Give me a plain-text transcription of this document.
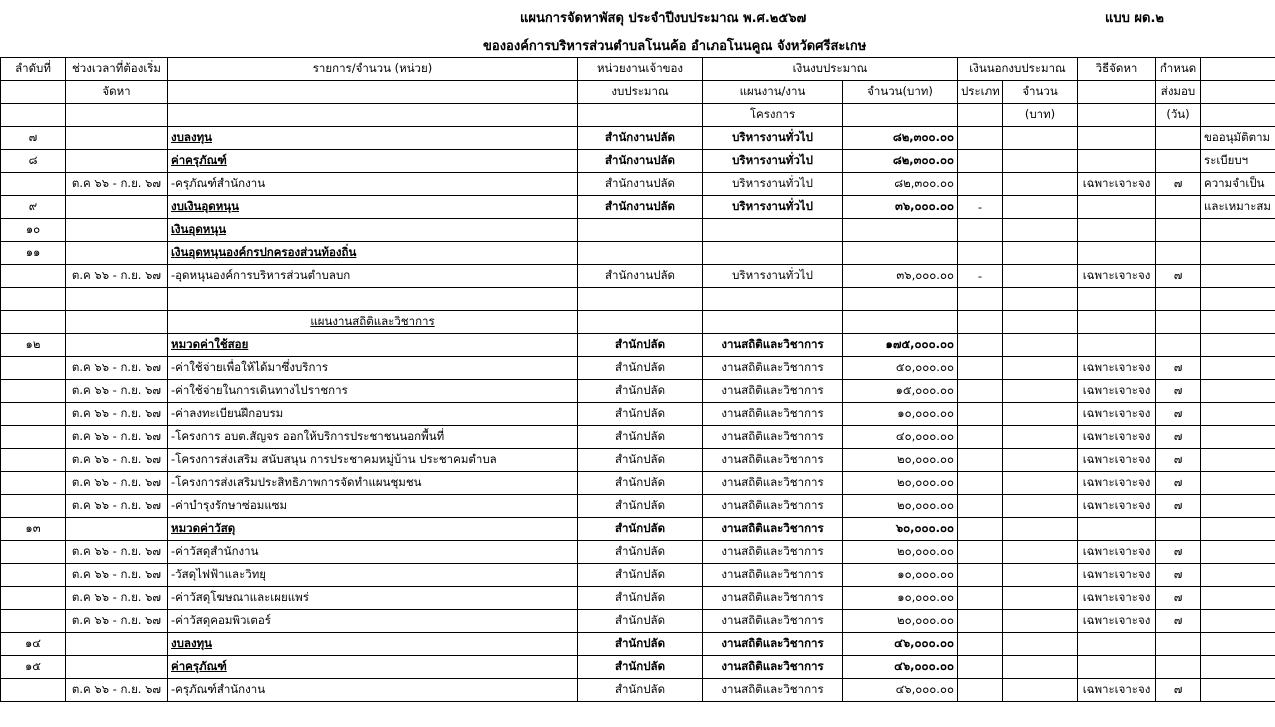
แผนการจัดหาพัสดุ ประจำปีงบประมาณ พ.ศ.๒๕๖๗	แบบ ผด.๒
ขององค์การบริหารส่วนตำบลโนนค้อ อำเภอโนนคูณ จังหวัดศรีสะเกษ
ลำดับที่	ช่วงเวลาที่ต้องเริ่ม	รายการ/จำนวน (หน่วย)	หน่วยงานเจ้าของ	เงินงบประมาณ		เงินนอกงบประมาณ		วิธีจัดหา	กำหนด	
	จัดหา		งบประมาณ	แผนงาน/งาน	จำนวน(บาท)	ประเภท	จำนวน		ส่งมอบ	
				โครงการ			(บาท)		(วัน)	
๗		งบลงทุน	สำนักงานปลัด	บริหารงานทั่วไป	๘๒,๓๐๐.๐๐					ขออนุมัติตาม
๘		ค่าครุภัณฑ์	สำนักงานปลัด	บริหารงานทั่วไป	๘๒,๓๐๐.๐๐					ระเบียบฯ
	ต.ค ๖๖ - ก.ย. ๖๗	-ครุภัณฑ์สำนักงาน	สำนักงานปลัด	บริหารงานทั่วไป	๘๒,๓๐๐.๐๐			เฉพาะเจาะจง	๗	ความจำเป็น
๙		งบเงินอุดหนุน	สำนักงานปลัด	บริหารงานทั่วไป	๓๖,๐๐๐.๐๐	-				และเหมาะสม
๑๐		เงินอุดหนุน								
๑๑		เงินอุดหนุนองค์กรปกครองส่วนท้องถิ่น								
	ต.ค ๖๖ - ก.ย. ๖๗	-อุดหนุนองค์การบริหารส่วนตำบลบก	สำนักงานปลัด	บริหารงานทั่วไป	๓๖,๐๐๐.๐๐	-		เฉพาะเจาะจง	๗	

		แผนงานสถิติและวิชาการ								
๑๒		หมวดค่าใช้สอย	สำนักปลัด	งานสถิติและวิชาการ	๑๗๕,๐๐๐.๐๐					
	ต.ค ๖๖ - ก.ย. ๖๗	-ค่าใช้จ่ายเพื่อให้ได้มาซึ่งบริการ	สำนักปลัด	งานสถิติและวิชาการ	๕๐,๐๐๐.๐๐			เฉพาะเจาะจง	๗	
	ต.ค ๖๖ - ก.ย. ๖๗	-ค่าใช้จ่ายในการเดินทางไปราชการ	สำนักปลัด	งานสถิติและวิชาการ	๑๕,๐๐๐.๐๐			เฉพาะเจาะจง	๗	
	ต.ค ๖๖ - ก.ย. ๖๗	-ค่าลงทะเบียนฝึกอบรม	สำนักปลัด	งานสถิติและวิชาการ	๑๐,๐๐๐.๐๐			เฉพาะเจาะจง	๗	
	ต.ค ๖๖ - ก.ย. ๖๗	-โครงการ อบต.สัญจร ออกให้บริการประชาชนนอกพื้นที่	สำนักปลัด	งานสถิติและวิชาการ	๔๐,๐๐๐.๐๐			เฉพาะเจาะจง	๗	
	ต.ค ๖๖ - ก.ย. ๖๗	-โครงการส่งเสริม สนับสนุน การประชาคมหมู่บ้าน ประชาคมตำบล	สำนักปลัด	งานสถิติและวิชาการ	๒๐,๐๐๐.๐๐			เฉพาะเจาะจง	๗	
	ต.ค ๖๖ - ก.ย. ๖๗	-โครงการส่งเสริมประสิทธิภาพการจัดทำแผนชุมชน	สำนักปลัด	งานสถิติและวิชาการ	๒๐,๐๐๐.๐๐			เฉพาะเจาะจง	๗	
	ต.ค ๖๖ - ก.ย. ๖๗	-ค่าบำรุงรักษาซ่อมแซม	สำนักปลัด	งานสถิติและวิชาการ	๒๐,๐๐๐.๐๐			เฉพาะเจาะจง	๗	
๑๓		หมวดค่าวัสดุ	สำนักปลัด	งานสถิติและวิชาการ	๖๐,๐๐๐.๐๐					
	ต.ค ๖๖ - ก.ย. ๖๗	-ค่าวัสดุสำนักงาน	สำนักปลัด	งานสถิติและวิชาการ	๒๐,๐๐๐.๐๐			เฉพาะเจาะจง	๗	
	ต.ค ๖๖ - ก.ย. ๖๗	-วัสดุไฟฟ้าและวิทยุ	สำนักปลัด	งานสถิติและวิชาการ	๑๐,๐๐๐.๐๐			เฉพาะเจาะจง	๗	
	ต.ค ๖๖ - ก.ย. ๖๗	-ค่าวัสดุโฆษณาและเผยแพร่	สำนักปลัด	งานสถิติและวิชาการ	๑๐,๐๐๐.๐๐			เฉพาะเจาะจง	๗	
	ต.ค ๖๖ - ก.ย. ๖๗	-ค่าวัสดุคอมพิวเตอร์	สำนักปลัด	งานสถิติและวิชาการ	๒๐,๐๐๐.๐๐			เฉพาะเจาะจง	๗	
๑๔		งบลงทุน	สำนักปลัด	งานสถิติและวิชาการ	๔๖,๐๐๐.๐๐					
๑๕		ค่าครุภัณฑ์	สำนักปลัด	งานสถิติและวิชาการ	๔๖,๐๐๐.๐๐					
	ต.ค ๖๖ - ก.ย. ๖๗	-ครุภัณฑ์สำนักงาน	สำนักปลัด	งานสถิติและวิชาการ	๔๖,๐๐๐.๐๐			เฉพาะเจาะจง	๗	
